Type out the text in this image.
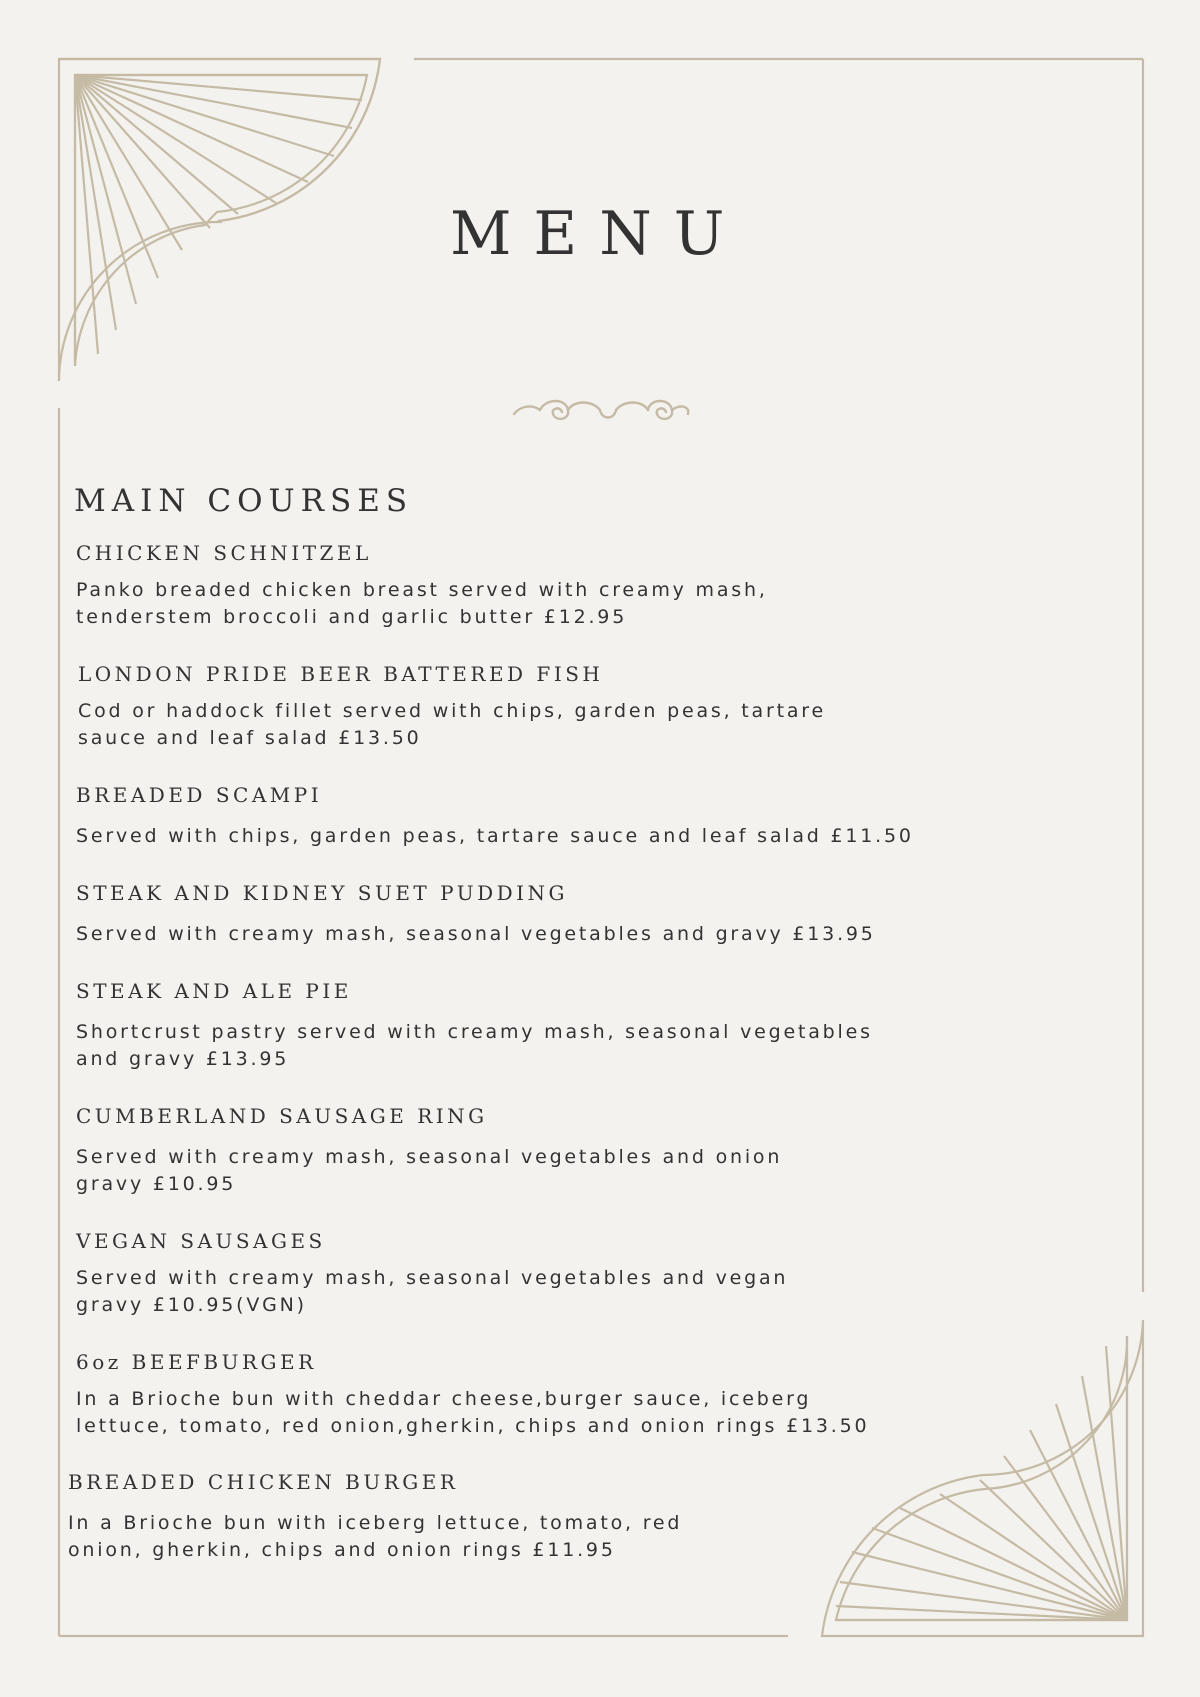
MENU
MAIN COURSES
CHICKEN SCHNITZEL

Panko breaded chicken breast served with creamy mash,
tenderstem broccoli and garlic butter £12.95

LONDON PRIDE BEER BATTERED FISH

Cod or haddock fillet served with chips, garden peas, tartare
sauce and leaf salad £13.50

BREADED SCAMPI

Served with chips, garden peas, tartare sauce and leaf salad £11.50

STEAK AND KIDNEY SUET PUDDING

Served with creamy mash, seasonal vegetables and gravy £13.95

STEAK AND ALE PIE

Shortcrust pastry served with creamy mash, seasonal vegetables
and gravy £13.95

CUMBERLAND SAUSAGE RING

Served with creamy mash, seasonal vegetables and onion
gravy £10.95

VEGAN SAUSAGES

Served with creamy mash, seasonal vegetables and vegan
gravy £10.95(VGN)

6oz BEEFBURGER

In a Brioche bun with cheddar cheese,burger sauce, iceberg
lettuce, tomato, red onion,gherkin, chips and onion rings £13.50

BREADED CHICKEN BURGER

In a Brioche bun with iceberg lettuce, tomato, red
onion, gherkin, chips and onion rings £11.95
